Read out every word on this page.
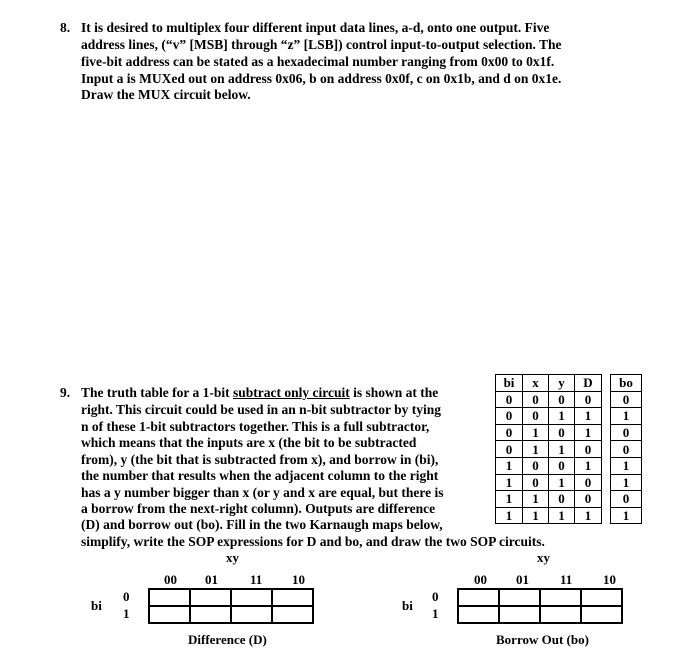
8. It is desired to multiplex four different input data lines, a-d, onto one output. Five
address lines, (“v” [MSB] through “z” [LSB]) control input-to-output selection. The
five-bit address can be stated as a hexadecimal number ranging from 0x00 to 0x1f.
Input a is MUXed out on address 0x06, b on address 0x0f, c on 0x1b, and d on 0x1e.
Draw the MUX circuit below.
9. The truth table for a 1-bit subtract only circuit is shown at the
right. This circuit could be used in an n-bit subtractor by tying
n of these 1-bit subtractors together. This is a full subtractor,
which means that the inputs are x (the bit to be subtracted
from), y (the bit that is subtracted from x), and borrow in (bi),
the number that results when the adjacent column to the right
has a y number bigger than x (or y and x are equal, but there is
a borrow from the next-right column). Outputs are difference
(D) and borrow out (bo). Fill in the two Karnaugh maps below,
simplify, write the SOP expressions for D and bo, and draw the two SOP circuits.
bi	x	y	D		bo
0	0	0	0		0
0	0	1	1		1
0	1	0	1		0
0	1	1	0		0
1	0	0	1		1
1	0	1	0		1
1	1	0	0		0
1	1	1	1		1
xy
00 01 11 10
bi
0
1

Difference (D)
xy
00 01 11 10
bi
0
1

Borrow Out (bo)
